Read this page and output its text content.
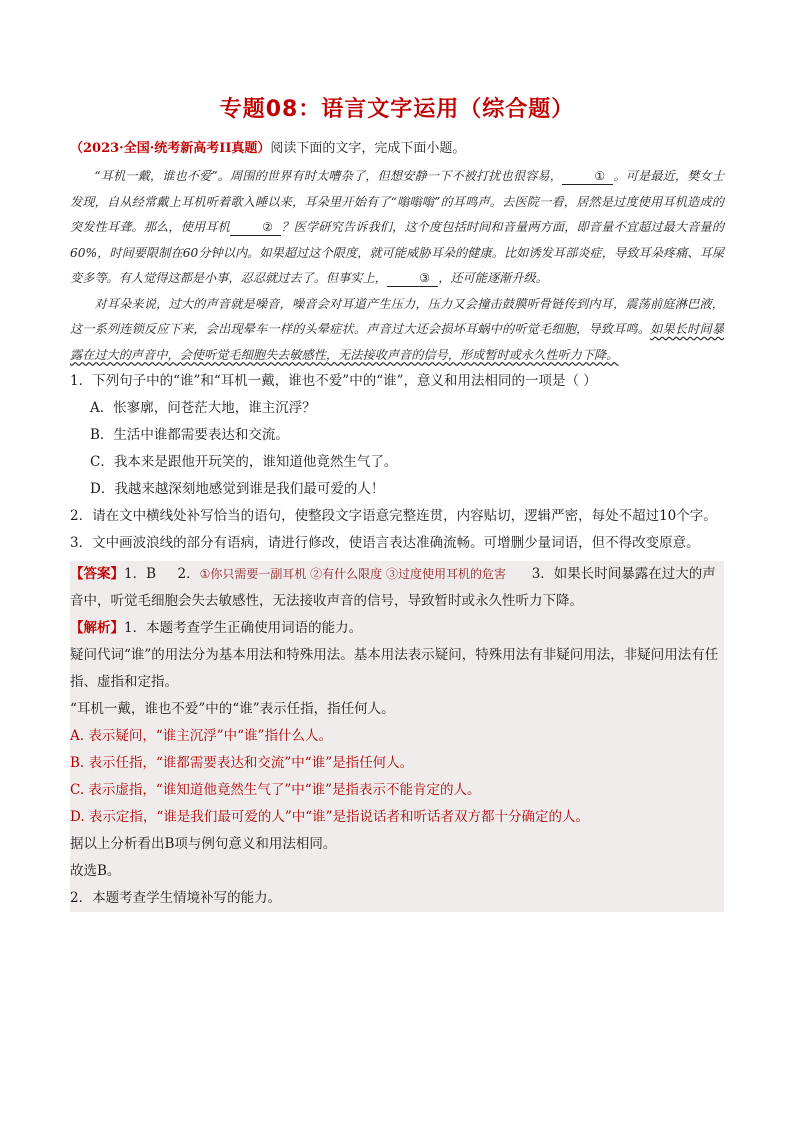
专题08：语言文字运用（综合题）

（2023·全国·统考新高考II真题）阅读下面的文字，完成下面小题。

“耳机一戴，谁也不爱”。周围的世界有时太嘈杂了，但想安静一下不被打扰也很容易，	① 。可是最近，樊女士发现，自从经常戴上耳机听着歌入睡以来，耳朵里开始有了“嗡嗡嗡”的耳鸣声。去医院一看，居然是过度使用耳机造成的突发性耳聋。那么，使用耳机	② ？医学研究告诉我们，这个度包括时间和音量两方面，即音量不宜超过最大音量的60%，时间要限制在60分钟以内。如果超过这个限度，就可能威胁耳朵的健康。比如诱发耳部炎症，导致耳朵疼痛、耳屎变多等。有人觉得这都是小事，忍忍就过去了。但事实上，	③ ，还可能逐渐升级。

对耳朵来说，过大的声音就是噪音，噪音会对耳道产生压力，压力又会撞击鼓膜听骨链传到内耳，震荡前庭淋巴液，这一系列连锁反应下来，会出现晕车一样的头晕症状。声音过大还会损坏耳蜗中的听觉毛细胞，导致耳鸣。如果长时间暴露在过大的声音中，会使听觉毛细胞失去敏感性，无法接收声音的信号，形成暂时或永久性听力下降。

1．下列句子中的“谁”和“耳机一戴，谁也不爱”中的“谁”，意义和用法相同的一项是（ ）

A．怅寥廓，问苍茫大地，谁主沉浮？

B．生活中谁都需要表达和交流。

C．我本来是跟他开玩笑的，谁知道他竟然生气了。

D．我越来越深刻地感觉到谁是我们最可爱的人！

2．请在文中横线处补写恰当的语句，使整段文字语意完整连贯，内容贴切，逻辑严密，每处不超过10个字。

3．文中画波浪线的部分有语病，请进行修改，使语言表达准确流畅。可增删少量词语，但不得改变原意。

【答案】1．B 2．①你只需要一副耳机 ②有什么限度 ③过度使用耳机的危害 3．如果长时间暴露在过大的声音中，听觉毛细胞会失去敏感性，无法接收声音的信号，导致暂时或永久性听力下降。

【解析】1．本题考查学生正确使用词语的能力。

疑问代词“谁”的用法分为基本用法和特殊用法。基本用法表示疑问，特殊用法有非疑问用法，非疑问用法有任指、虚指和定指。

“耳机一戴，谁也不爱”中的“谁”表示任指，指任何人。

A. 表示疑问，“谁主沉浮”中“谁”指什么人。

B. 表示任指，“谁都需要表达和交流”中“谁”是指任何人。

C. 表示虚指，“谁知道他竟然生气了”中“谁”是指表示不能肯定的人。

D. 表示定指，“谁是我们最可爱的人”中“谁”是指说话者和听话者双方都十分确定的人。

据以上分析看出B项与例句意义和用法相同。

故选B。

2．本题考查学生情境补写的能力。
